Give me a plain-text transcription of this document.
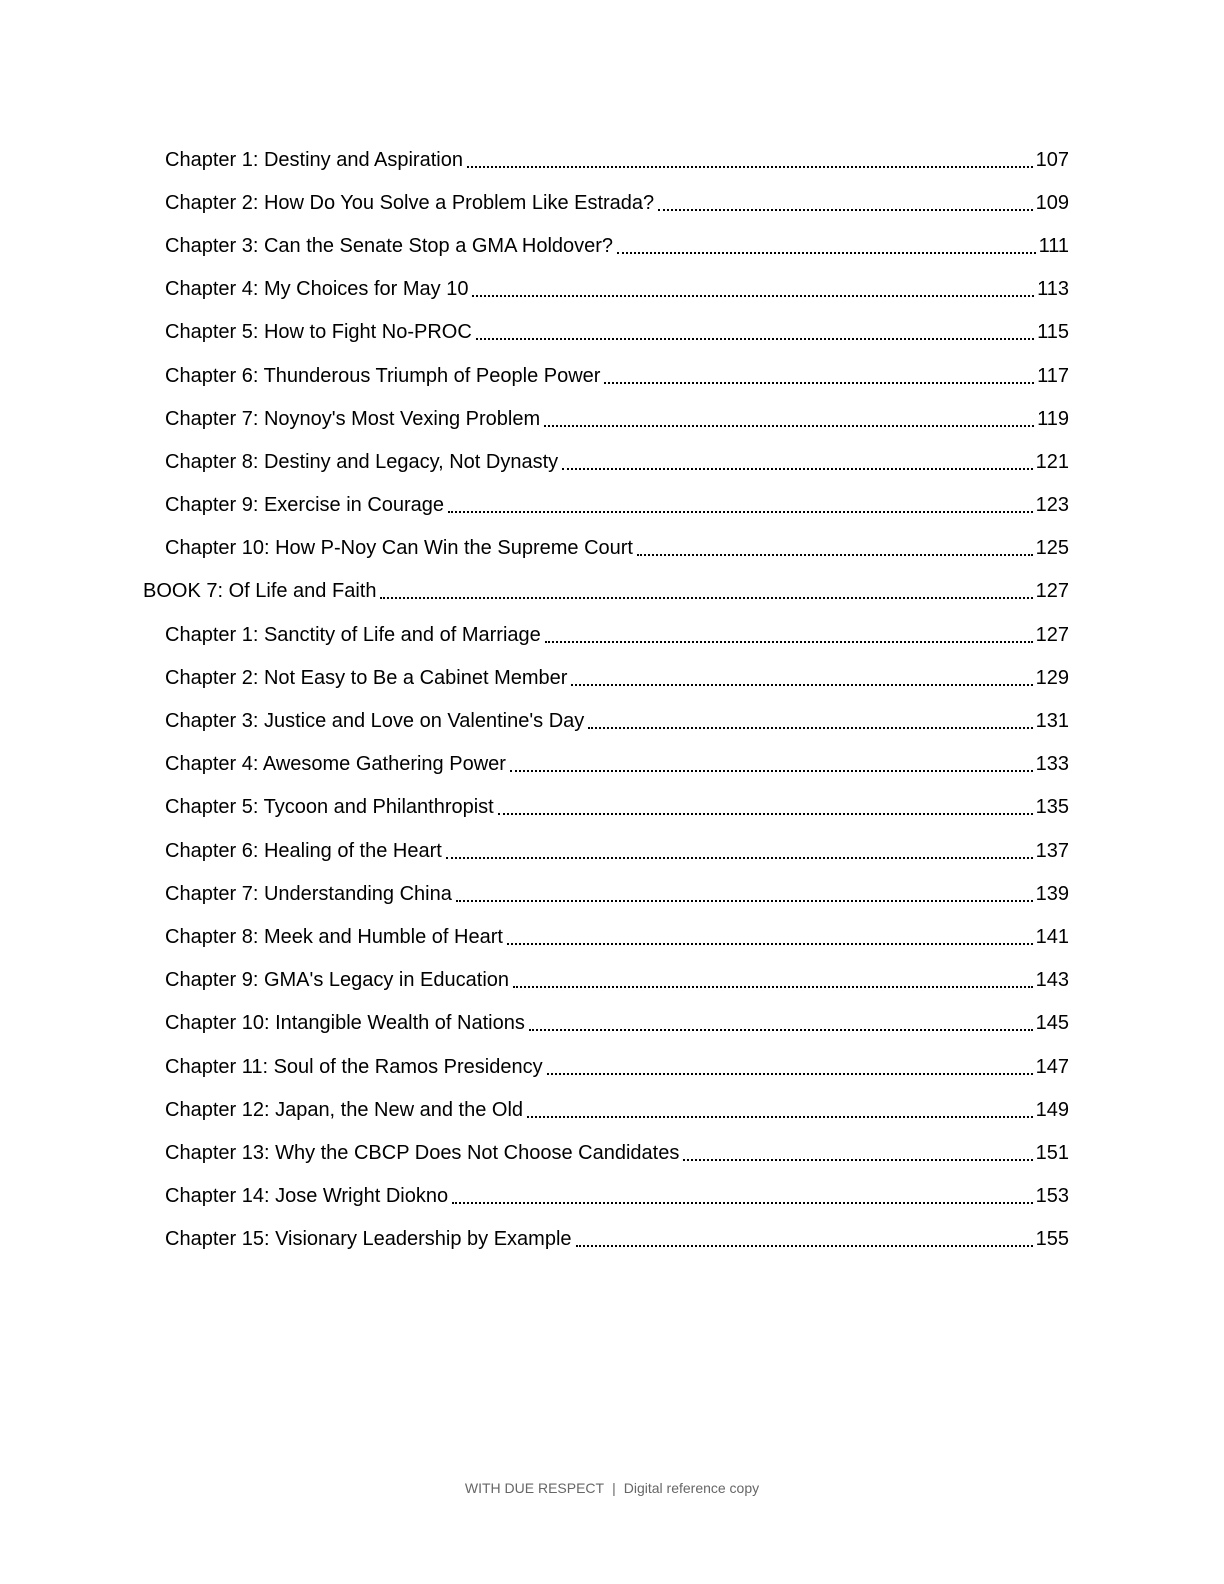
Chapter 1: Destiny and Aspiration	107
Chapter 2: How Do You Solve a Problem Like Estrada?	109
Chapter 3: Can the Senate Stop a GMA Holdover?	111
Chapter 4: My Choices for May 10	113
Chapter 5: How to Fight No-PROC	115
Chapter 6: Thunderous Triumph of People Power	117
Chapter 7: Noynoy's Most Vexing Problem	119
Chapter 8: Destiny and Legacy, Not Dynasty	121
Chapter 9: Exercise in Courage	123
Chapter 10: How P-Noy Can Win the Supreme Court	125
BOOK 7: Of Life and Faith	127
Chapter 1: Sanctity of Life and of Marriage	127
Chapter 2: Not Easy to Be a Cabinet Member	129
Chapter 3: Justice and Love on Valentine's Day	131
Chapter 4: Awesome Gathering Power	133
Chapter 5: Tycoon and Philanthropist	135
Chapter 6: Healing of the Heart	137
Chapter 7: Understanding China	139
Chapter 8: Meek and Humble of Heart	141
Chapter 9: GMA's Legacy in Education	143
Chapter 10: Intangible Wealth of Nations	145
Chapter 11: Soul of the Ramos Presidency	147
Chapter 12: Japan, the New and the Old	149
Chapter 13: Why the CBCP Does Not Choose Candidates	151
Chapter 14: Jose Wright Diokno	153
Chapter 15: Visionary Leadership by Example	155
WITH DUE RESPECT | Digital reference copy
